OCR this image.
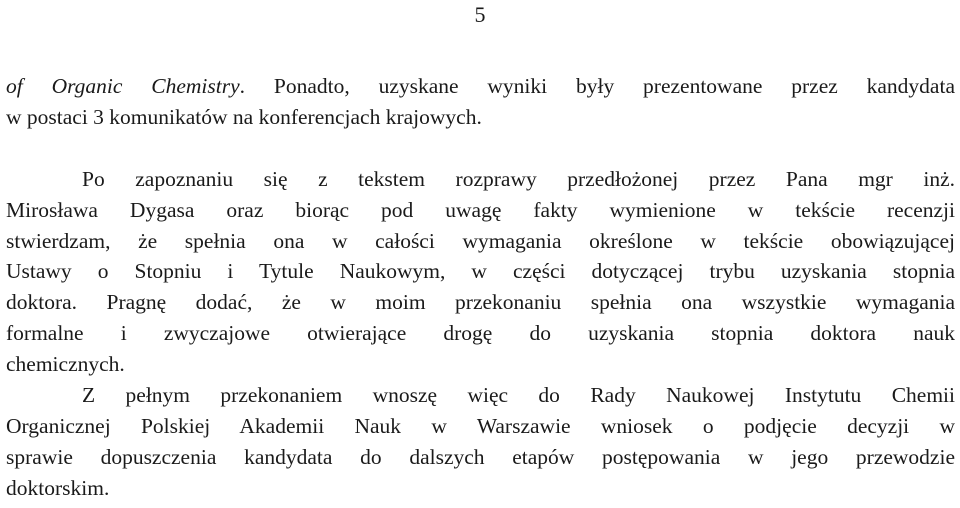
5
of Organic Chemistry. Ponadto, uzyskane wyniki były prezentowane przez kandydata
w postaci 3 komunikatów na konferencjach krajowych.
Po zapoznaniu się z tekstem rozprawy przedłożonej przez Pana mgr inż.
Mirosława Dygasa oraz biorąc pod uwagę fakty wymienione w tekście recenzji
stwierdzam, że spełnia ona w całości wymagania określone w tekście obowiązującej
Ustawy o Stopniu i Tytule Naukowym, w części dotyczącej trybu uzyskania stopnia
doktora. Pragnę dodać, że w moim przekonaniu spełnia ona wszystkie wymagania
formalne i zwyczajowe otwierające drogę do uzyskania stopnia doktora nauk
chemicznych.
Z pełnym przekonaniem wnoszę więc do Rady Naukowej Instytutu Chemii
Organicznej Polskiej Akademii Nauk w Warszawie wniosek o podjęcie decyzji w
sprawie dopuszczenia kandydata do dalszych etapów postępowania w jego przewodzie
doktorskim.
